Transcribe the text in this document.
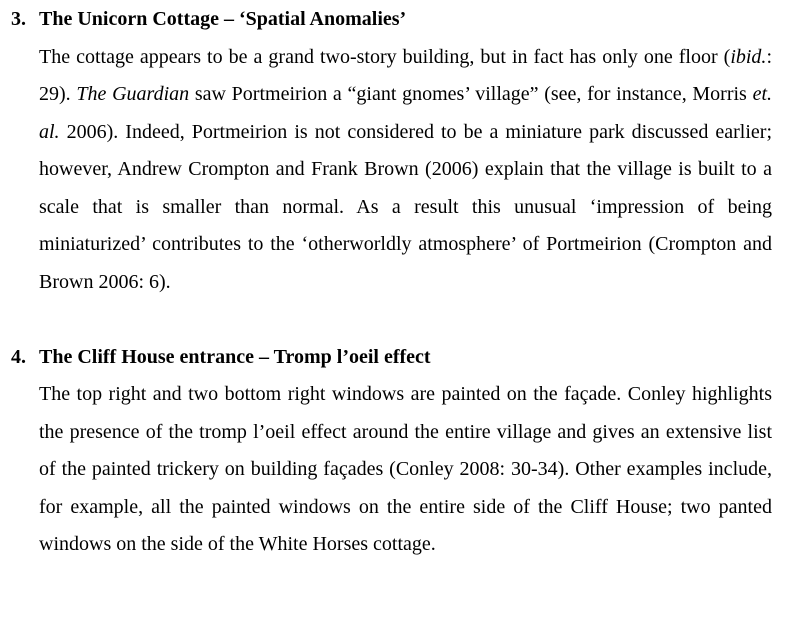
3. The Unicorn Cottage – ‘Spatial Anomalies’
The cottage appears to be a grand two-story building, but in fact has only one floor (ibid.: 29). The Guardian saw Portmeirion a “giant gnomes’ village” (see, for instance, Morris et. al. 2006). Indeed, Portmeirion is not considered to be a miniature park discussed earlier; however, Andrew Crompton and Frank Brown (2006) explain that the village is built to a scale that is smaller than normal. As a result this unusual ‘impression of being miniaturized’ contributes to the ‘otherworldly atmosphere’ of Portmeirion (Crompton and Brown 2006: 6).
4. The Cliff House entrance – Tromp l’oeil effect
The top right and two bottom right windows are painted on the façade. Conley highlights the presence of the tromp l’oeil effect around the entire village and gives an extensive list of the painted trickery on building façades (Conley 2008: 30-34). Other examples include, for example, all the painted windows on the entire side of the Cliff House; two panted windows on the side of the White Horses cottage.
